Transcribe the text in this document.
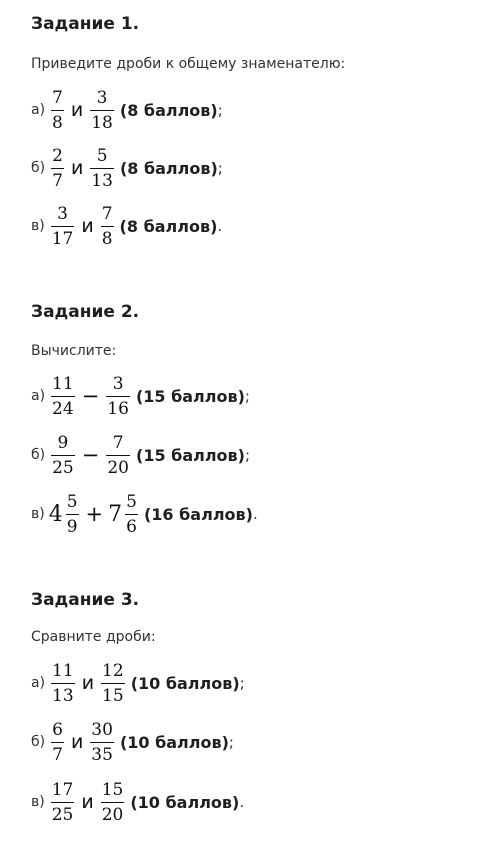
Задание 1.

Приведите дроби к общему знаменателю:

$а) \frac{7}{8}$ и $\frac{3}{18} (8$ баллов) ;
$б) \frac{2}{7}$ и $\frac{5}{13} (8$ баллов) ;
$в) \frac{3}{17}$ и $\frac{7}{8} (8$ баллов) .

Задание 2.

Вычислите:

$а) \frac{11}{24} - \frac{3}{16} (15$ баллов) ;
$б) \frac{9}{25} - \frac{7}{20} (15$ баллов) ;
в) $4 \frac{5}{9} + 7 \frac{5}{6} (16$ баллов) .

Задание 3.

Сравните дроби:

$а) \frac{11}{13}$ и $\frac{12}{15} (10$ баллов) ;
$б) \frac{6}{7}$ и $\frac{30}{35} (10$ баллов) ;
$в) \frac{17}{25}$ и $\frac{15}{20} (10$ баллов) .
